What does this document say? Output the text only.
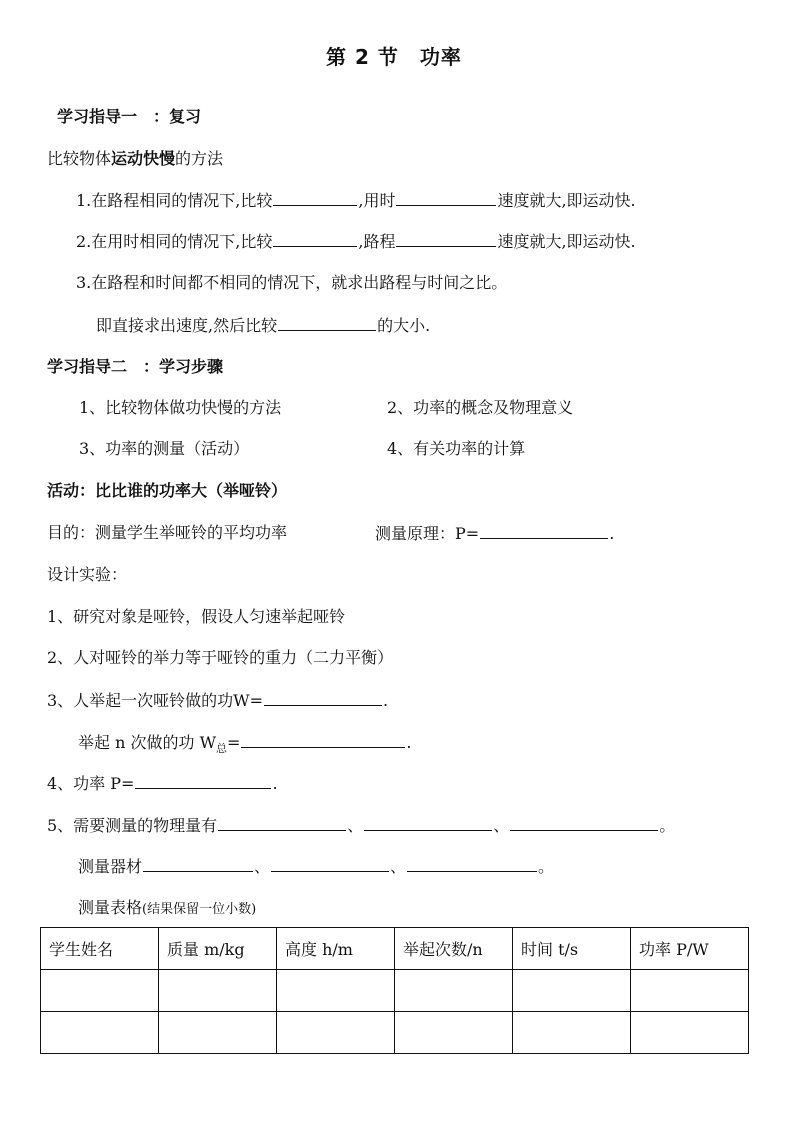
第 2 节　功率
学习指导一　：复习
比较物体运动快慢的方法
1.在路程相同的情况下,比较	,用时	速度就大,即运动快.
2.在用时相同的情况下,比较	,路程	速度就大,即运动快.
3.在路程和时间都不相同的情况下，就求出路程与时间之比。
即直接求出速度,然后比较	的大小.
学习指导二　：学习步骤
1、比较物体做功快慢的方法	2、功率的概念及物理意义
3、功率的测量（活动）	4、有关功率的计算
活动：比比谁的功率大（举哑铃）
目的：测量学生举哑铃的平均功率	测量原理：P=	.
设计实验：
1、研究对象是哑铃，假设人匀速举起哑铃
2、人对哑铃的举力等于哑铃的重力（二力平衡）
3、人举起一次哑铃做的功W=	.
举起 n 次做的功 $W_总=$	.
4、功率 P=	.
5、需要测量的物理量有	、	、	。
测量器材	、	、	。
测量表格(结果保留一位小数)
学生姓名	质量 m/kg	高度 h/m	举起次数/n	时间 t/s	功率 P/W
